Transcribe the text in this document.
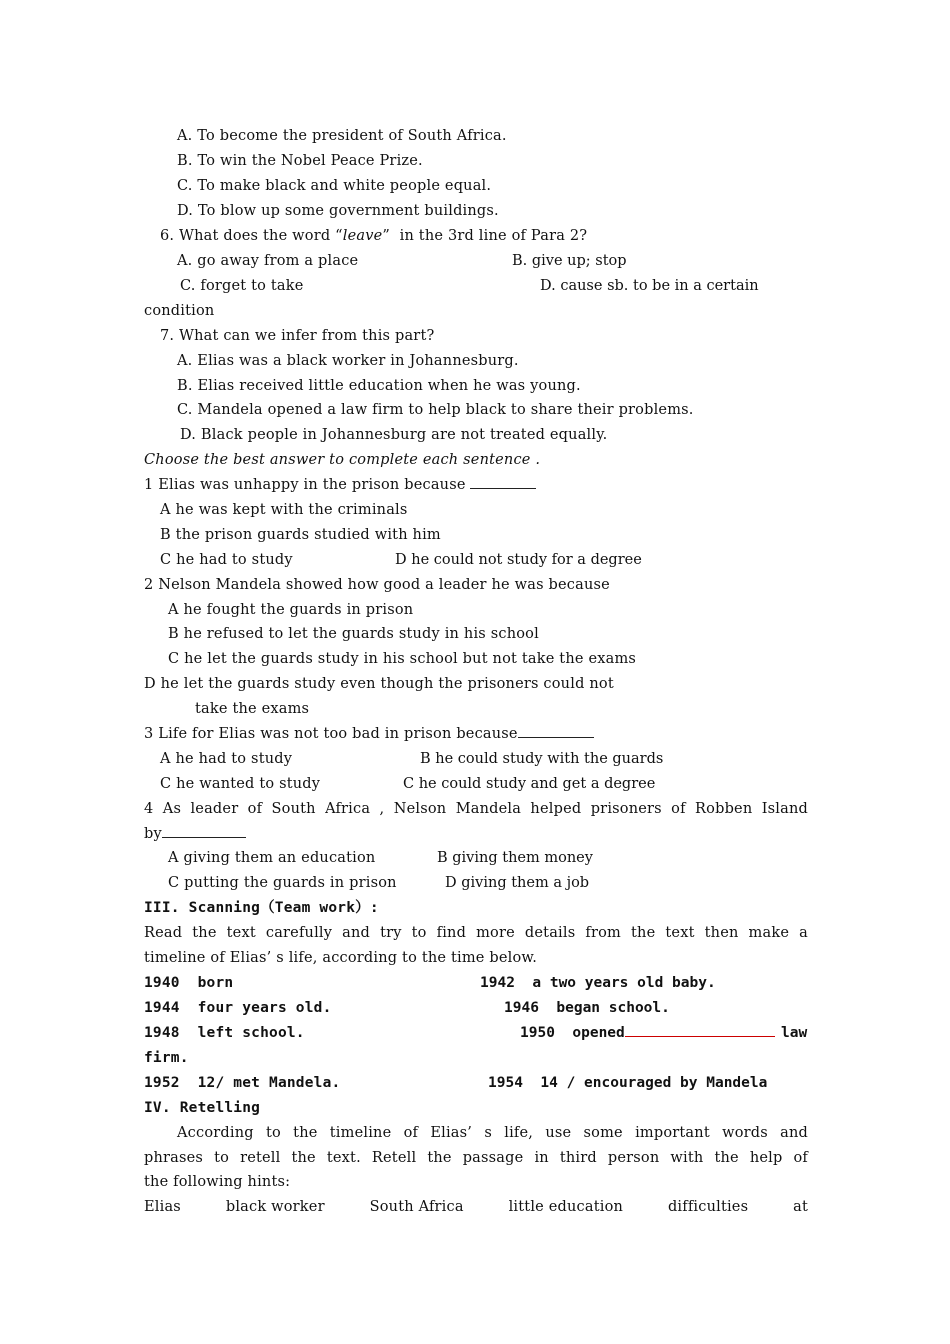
A. To become the president of South Africa.
B. To win the Nobel Peace Prize.
C. To make black and white people equal.
D. To blow up some government buildings.
6. What does the word “leave”  in the 3rd line of Para 2?
A. go away from a place	B. give up; stop
C. forget to take	D. cause sb. to be in a certain
condition
7. What can we infer from this part?
A. Elias was a black worker in Johannesburg.
B. Elias received little education when he was young.
C. Mandela opened a law firm to help black to share their problems.
D. Black people in Johannesburg are not treated equally.
Choose the best answer to complete each sentence .
1 Elias was unhappy in the prison because
A he was kept with the criminals
B the prison guards studied with him
C he had to study	D he could not study for a degree
2 Nelson Mandela showed how good a leader he was because
A he fought the guards in prison
B he refused to let the guards study in his school
C he let the guards study in his school but not take the exams
D he let the guards study even though the prisoners could not
take the exams
3 Life for Elias was not too bad in prison because
A he had to study	B he could study with the guards
C he wanted to study	C he could study and get a degree
4 As leader of South Africa , Nelson Mandela helped prisoners of Robben Island
by
A giving them an education	B giving them money
C putting the guards in prison	D giving them a job
III. Scanning（Team work）:
Read the text carefully and try to find more details from the text then make a
timeline of Elias’ s life, according to the time below.
1940  born	1942  a two years old baby.
1944  four years old.	1946  began school.
1948  left school.	1950  opened	law
firm.
1952  12/ met Mandela.	1954  14 / encouraged by Mandela
IV. Retelling
According to the timeline of Elias’ s life, use some important words and
phrases to retell the text. Retell the passage in third person with the help of
the following hints:
Elias	black worker	South Africa	little education	difficulties	at
